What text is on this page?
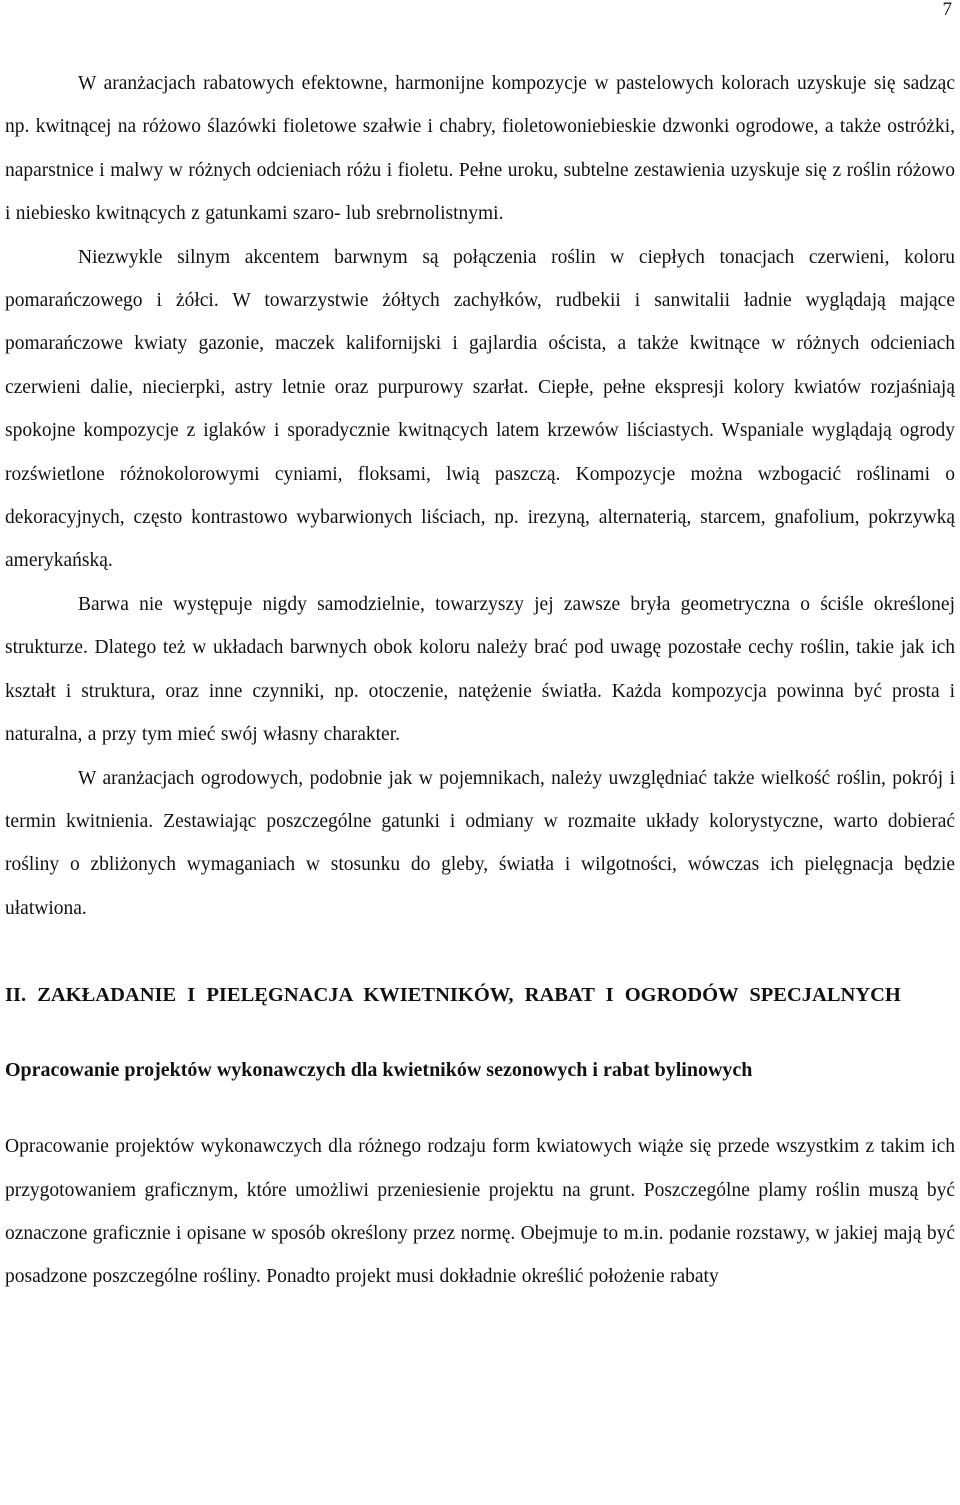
7

W aranżacjach rabatowych efektowne, harmonijne kompozycje w pastelowych kolorach uzyskuje się sadząc np. kwitnącej na różowo ślazówki fioletowe szałwie i chabry, fioletowoniebieskie dzwonki ogrodowe, a także ostróżki, naparstnice i malwy w różnych odcieniach różu i fioletu. Pełne uroku, subtelne zestawienia uzyskuje się z roślin różowo i niebiesko kwitnących z gatunkami szaro- lub srebrnolistnymi.

Niezwykle silnym akcentem barwnym są połączenia roślin w ciepłych tonacjach czerwieni, koloru pomarańczowego i żółci. W towarzystwie żółtych zachyłków, rudbekii i sanwitalii ładnie wyglądają mające pomarańczowe kwiaty gazonie, maczek kalifornijski i gajlardia oścista, a także kwitnące w różnych odcieniach czerwieni dalie, niecierpki, astry letnie oraz purpurowy szarłat. Ciepłe, pełne ekspresji kolory kwiatów rozjaśniają spokojne kompozycje z iglaków i sporadycznie kwitnących latem krzewów liściastych. Wspaniale wyglądają ogrody rozświetlone różnokolorowymi cyniami, floksami, lwią paszczą. Kompozycje można wzbogacić roślinami o dekoracyjnych, często kontrastowo wybarwionych liściach, np. irezyną, alternaterią, starcem, gnafolium, pokrzywką amerykańską.

Barwa nie występuje nigdy samodzielnie, towarzyszy jej zawsze bryła geometryczna o ściśle określonej strukturze. Dlatego też w układach barwnych obok koloru należy brać pod uwagę pozostałe cechy roślin, takie jak ich kształt i struktura, oraz inne czynniki, np. otoczenie, natężenie światła. Każda kompozycja powinna być prosta i naturalna, a przy tym mieć swój własny charakter.

W aranżacjach ogrodowych, podobnie jak w pojemnikach, należy uwzględniać także wielkość roślin, pokrój i termin kwitnienia. Zestawiając poszczególne gatunki i odmiany w rozmaite układy kolorystyczne, warto dobierać rośliny o zbliżonych wymaganiach w stosunku do gleby, światła i wilgotności, wówczas ich pielęgnacja będzie ułatwiona.

II. ZAKŁADANIE I PIELĘGNACJA KWIETNIKÓW, RABAT I OGRODÓW SPECJALNYCH
Opracowanie projektów wykonawczych dla kwietników sezonowych i rabat bylinowych

Opracowanie projektów wykonawczych dla różnego rodzaju form kwiatowych wiąże się przede wszystkim z takim ich przygotowaniem graficznym, które umożliwi przeniesienie projektu na grunt. Poszczególne plamy roślin muszą być oznaczone graficznie i opisane w sposób określony przez normę. Obejmuje to m.in. podanie rozstawy, w jakiej mają być posadzone poszczególne rośliny. Ponadto projekt musi dokładnie określić położenie rabaty
